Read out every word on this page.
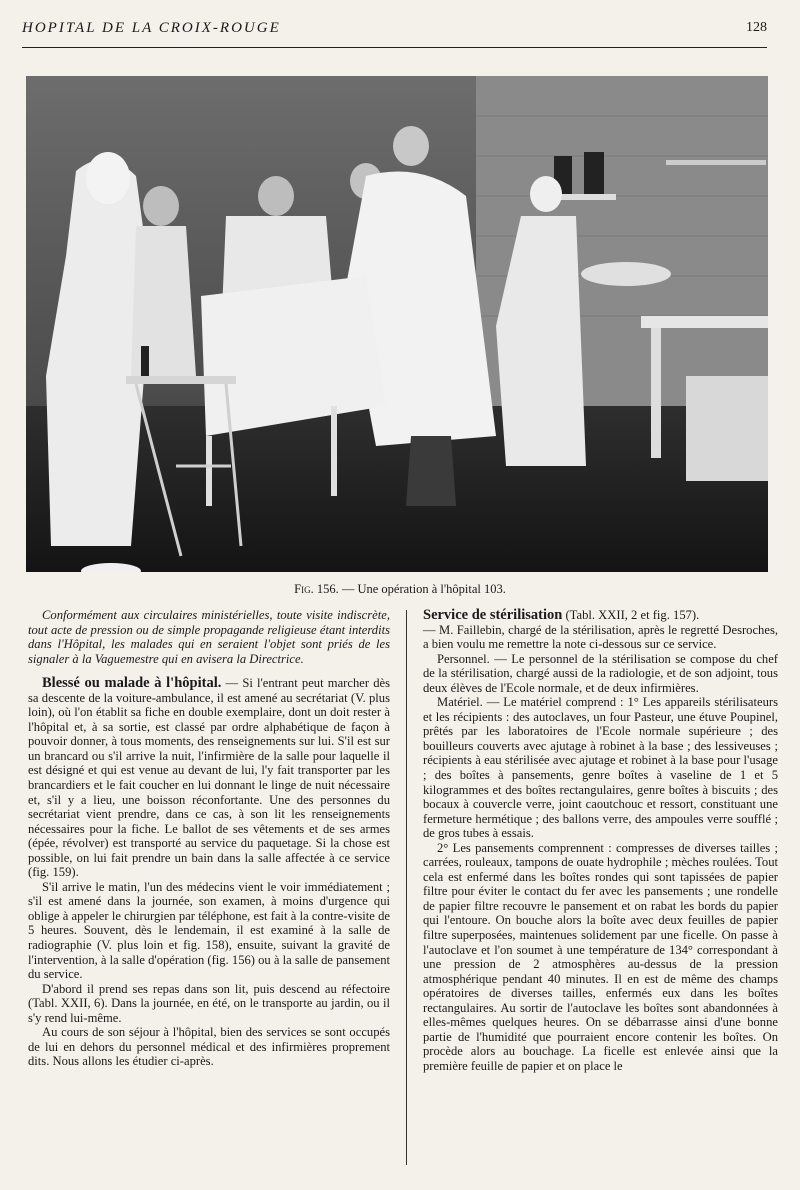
HOPITAL DE LA CROIX-ROUGE	128
Fig. 156. — Une opération à l'hôpital 103.

Conformément aux circulaires ministérielles, toute visite indiscrète, tout acte de pression ou de simple propagande religieuse étant interdits dans l'Hôpital, les malades qui en seraient l'objet sont priés de les signaler à la Vaguemestre qui en avisera la Directrice.

Blessé ou malade à l'hôpital. — Si l'entrant peut marcher dès sa descente de la voiture-ambulance, il est amené au secrétariat (V. plus loin), où l'on établit sa fiche en double exemplaire, dont un doit rester à l'hôpital et, à sa sortie, est classé par ordre alphabétique de façon à pouvoir donner, à tous moments, des renseignements sur lui. S'il est sur un brancard ou s'il arrive la nuit, l'infirmière de la salle pour laquelle il est désigné et qui est venue au devant de lui, l'y fait transporter par les brancardiers et le fait coucher en lui donnant le linge de nuit nécessaire et, s'il y a lieu, une boisson réconfortante. Une des personnes du secrétariat vient prendre, dans ce cas, à son lit les renseignements nécessaires pour la fiche. Le ballot de ses vêtements et de ses armes (épée, révolver) est transporté au service du paquetage. Si la chose est possible, on lui fait prendre un bain dans la salle affectée à ce service (fig. 159).

S'il arrive le matin, l'un des médecins vient le voir immédiatement ; s'il est amené dans la journée, son examen, à moins d'urgence qui oblige à appeler le chirurgien par téléphone, est fait à la contre-visite de 5 heures. Souvent, dès le lendemain, il est examiné à la salle de radiographie (V. plus loin et fig. 158), ensuite, suivant la gravité de l'intervention, à la salle d'opération (fig. 156) ou à la salle de pansement du service.

D'abord il prend ses repas dans son lit, puis descend au réfectoire (Tabl. XXII, 6). Dans la journée, en été, on le transporte au jardin, ou il s'y rend lui-même.

Au cours de son séjour à l'hôpital, bien des services se sont occupés de lui en dehors du personnel médical et des infirmières proprement dits. Nous allons les étudier ci-après.

Service de stérilisation (Tabl. XXII, 2 et fig. 157).

— M. Faillebin, chargé de la stérilisation, après le regretté Desroches, a bien voulu me remettre la note ci-dessous sur ce service.

Personnel. — Le personnel de la stérilisation se compose du chef de la stérilisation, chargé aussi de la radiologie, et de son adjoint, tous deux élèves de l'Ecole normale, et de deux infirmières.

Matériel. — Le matériel comprend : 1° Les appareils stérilisateurs et les récipients : des autoclaves, un four Pasteur, une étuve Poupinel, prêtés par les laboratoires de l'Ecole normale supérieure ; des bouilleurs couverts avec ajutage à robinet à la base ; des lessiveuses ; récipients à eau stérilisée avec ajutage et robinet à la base pour l'usage ; des boîtes à pansements, genre boîtes à vaseline de 1 et 5 kilogrammes et des boîtes rectangulaires, genre boîtes à biscuits ; des bocaux à couvercle verre, joint caoutchouc et ressort, constituant une fermeture hermétique ; des ballons verre, des ampoules verre soufflé ; de gros tubes à essais.

2° Les pansements comprennent : compresses de diverses tailles ; carrées, rouleaux, tampons de ouate hydrophile ; mèches roulées. Tout cela est enfermé dans les boîtes rondes qui sont tapissées de papier filtre pour éviter le contact du fer avec les pansements ; une rondelle de papier filtre recouvre le pansement et on rabat les bords du papier qui l'entoure. On bouche alors la boîte avec deux feuilles de papier filtre superposées, maintenues solidement par une ficelle. On passe à l'autoclave et l'on soumet à une température de 134° correspondant à une pression de 2 atmosphères au-dessus de la pression atmosphérique pendant 40 minutes. Il en est de même des champs opératoires de diverses tailles, enfermés eux dans les boîtes rectangulaires. Au sortir de l'autoclave les boîtes sont abandonnées à elles-mêmes quelques heures. On se débarrasse ainsi d'une bonne partie de l'humidité que pourraient encore contenir les boîtes. On procède alors au bouchage. La ficelle est enlevée ainsi que la première feuille de papier et on place le
